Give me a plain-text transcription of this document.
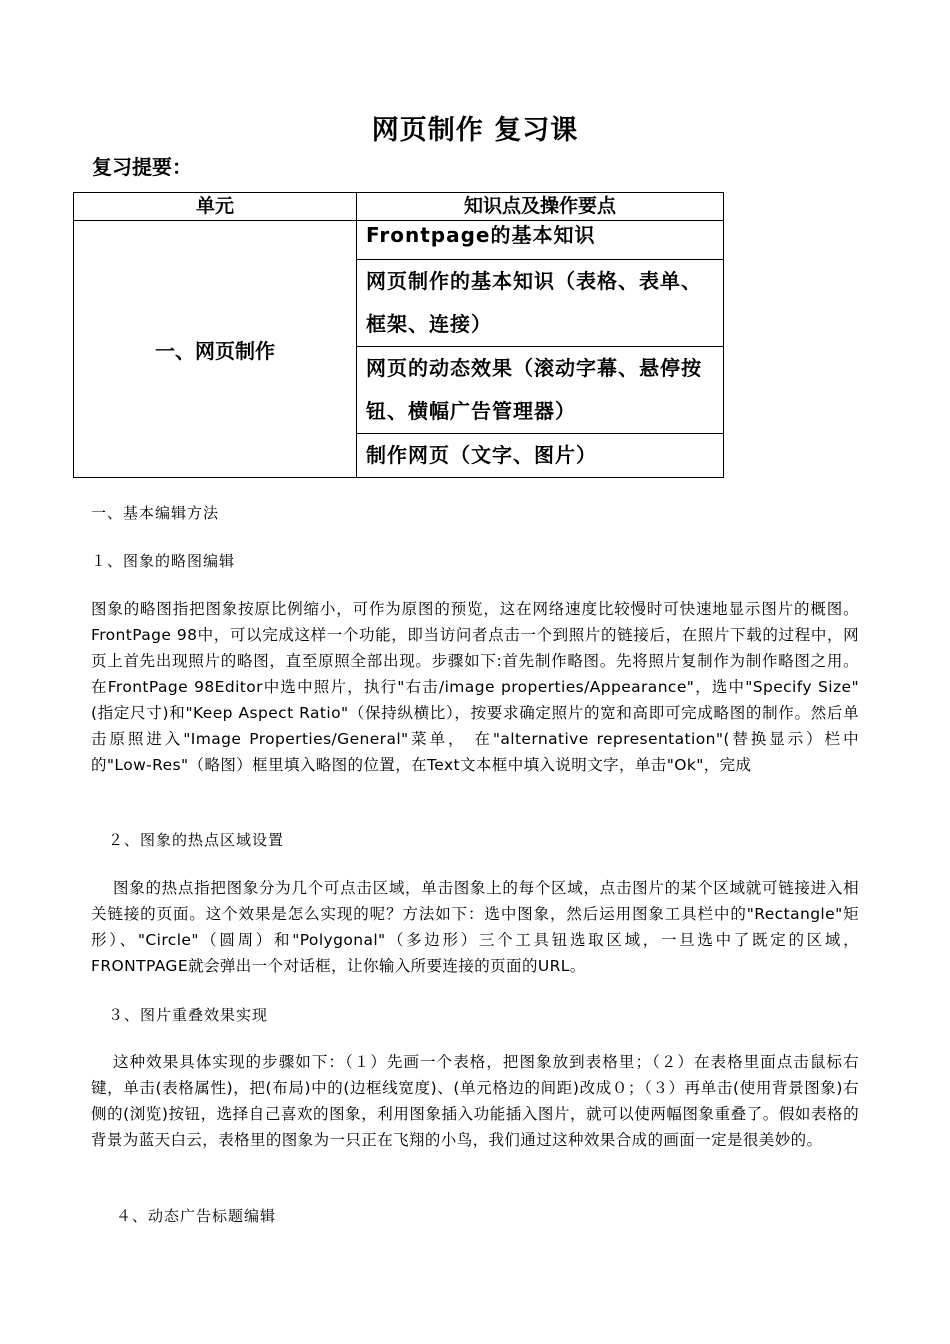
网页制作 复习课
复习提要：
单元	知识点及操作要点
一、网页制作	Frontpage的基本知识
	网页制作的基本知识（表格、表单、框架、连接）
	网页的动态效果（滚动字幕、悬停按钮、横幅广告管理器）
	制作网页（文字、图片）
一、基本编辑方法
１、图象的略图编辑
图象的略图指把图象按原比例缩小，可作为原图的预览，这在网络速度比较慢时可快速地显示图片的概图。FrontPage 98中，可以完成这样一个功能，即当访问者点击一个到照片的链接后，在照片下载的过程中，网页上首先出现照片的略图，直至原照全部出现。步骤如下:首先制作略图。先将照片复制作为制作略图之用。在FrontPage 98Editor中选中照片，执行"右击/image properties/Appearance"，选中"Specify Size"(指定尺寸)和"Keep Aspect Ratio"（保持纵横比），按要求确定照片的宽和高即可完成略图的制作。然后单击原照进入"Image Properties/General"菜单， 在"alternative representation"(替换显示）栏中的"Low-Res"（略图）框里填入略图的位置，在Text文本框中填入说明文字，单击"Ok"，完成
２、图象的热点区域设置
图象的热点指把图象分为几个可点击区域，单击图象上的每个区域，点击图片的某个区域就可链接进入相关链接的页面。这个效果是怎么实现的呢？方法如下：选中图象，然后运用图象工具栏中的"Rectangle"矩形）、"Circle"（圆周）和"Polygonal"（多边形）三个工具钮选取区域，一旦选中了既定的区域，FRONTPAGE就会弹出一个对话框，让你输入所要连接的页面的URL。
３、图片重叠效果实现
这种效果具体实现的步骤如下：（１）先画一个表格，把图象放到表格里；（２）在表格里面点击鼠标右键，单击(表格属性)，把(布局)中的(边框线宽度)、(单元格边的间距)改成０；（３）再单击(使用背景图象)右侧的(浏览)按钮，选择自己喜欢的图象，利用图象插入功能插入图片，就可以使两幅图象重叠了。假如表格的背景为蓝天白云，表格里的图象为一只正在飞翔的小鸟，我们通过这种效果合成的画面一定是很美妙的。
４、动态广告标题编辑
